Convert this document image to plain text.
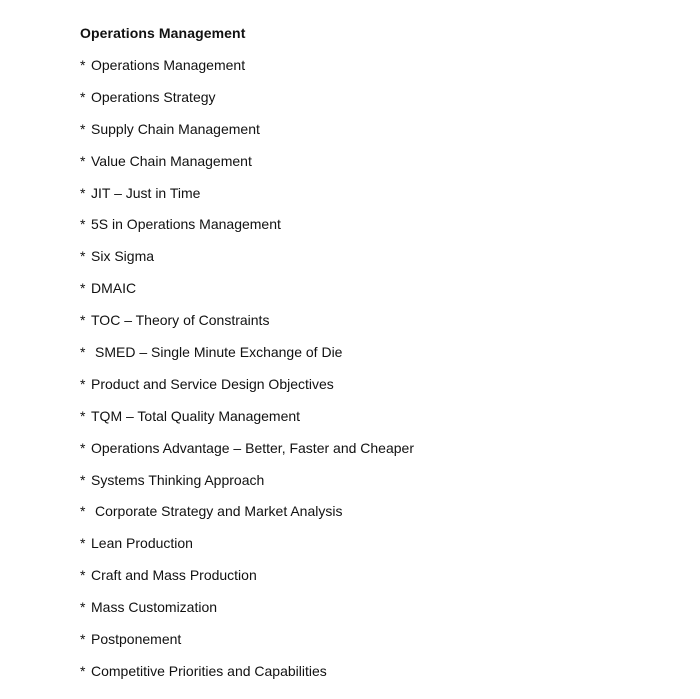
Operations Management
* Operations Management
* Operations Strategy
* Supply Chain Management
* Value Chain Management
* JIT – Just in Time
* 5S in Operations Management
* Six Sigma
* DMAIC
* TOC – Theory of Constraints
* SMED – Single Minute Exchange of Die
* Product and Service Design Objectives
* TQM – Total Quality Management
* Operations Advantage – Better, Faster and Cheaper
* Systems Thinking Approach
* Corporate Strategy and Market Analysis
* Lean Production
* Craft and Mass Production
* Mass Customization
* Postponement
* Competitive Priorities and Capabilities
